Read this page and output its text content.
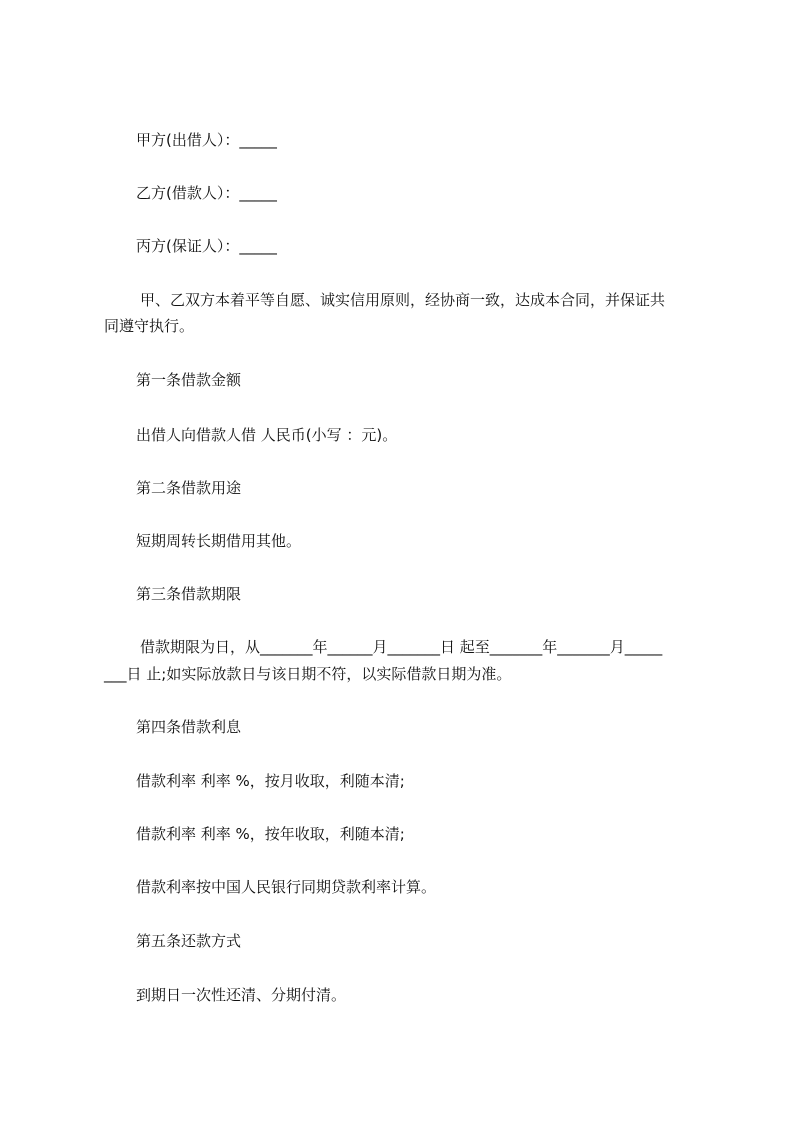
甲方(出借人）：_____
乙方(借款人）：_____
丙方(保证人）：_____
甲、乙双方本着平等自愿、诚实信用原则，经协商一致，达成本合同，并保证共
同遵守执行。
第一条借款金额
出借人向借款人借 人民币(小写 ：元)。
第二条借款用途
短期周转长期借用其他。
第三条借款期限
借款期限为日，从_______年______月_______日 起至_______年_______月_____
___日 止;如实际放款日与该日期不符，以实际借款日期为准。
第四条借款利息
借款利率 利率 %，按月收取，利随本清;
借款利率 利率 %，按年收取，利随本清;
借款利率按中国人民银行同期贷款利率计算。
第五条还款方式
到期日一次性还清、分期付清。
